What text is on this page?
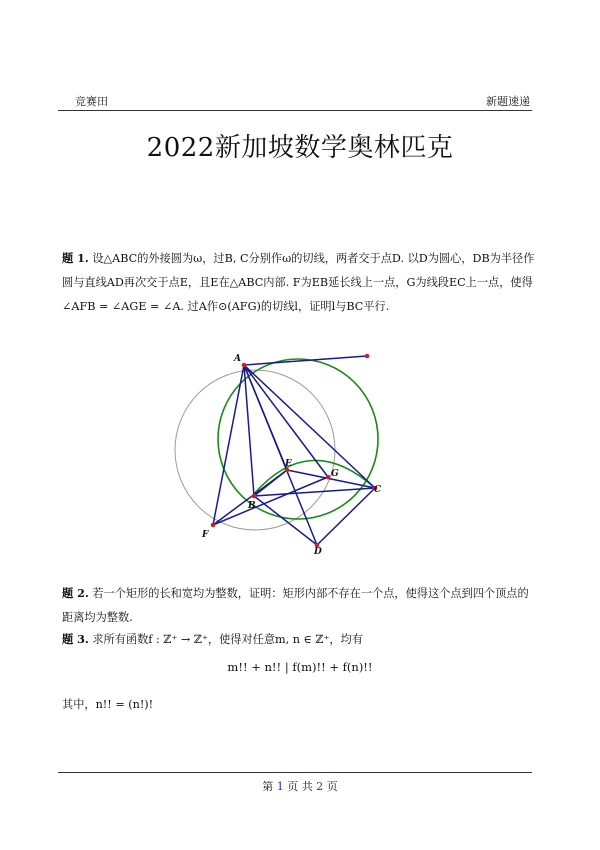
竞赛田	新题速递
2022新加坡数学奥林匹克

题 1. 设△ABC的外接圆为ω，过B, C分别作ω的切线，两者交于点D. 以D为圆心，DB为半径作圆与直线AD再次交于点E，且E在△ABC内部. F为EB延长线上一点，G为线段EC上一点，使得 ∠AFB = ∠AGE = ∠A. 过A作⊙(AFG)的切线l，证明l与BC平行.

A
B
C
D
E
F
G

题 2. 若一个矩形的长和宽均为整数，证明：矩形内部不存在一个点，使得这个点到四个顶点的距离均为整数.

题 3. 求所有函数f : ℤ⁺ → ℤ⁺，使得对任意m, n ∈ ℤ⁺，均有

m!! + n!! | f(m)!! + f(n)!!

其中，n!! = (n!)!

第 1 页 共 2 页
